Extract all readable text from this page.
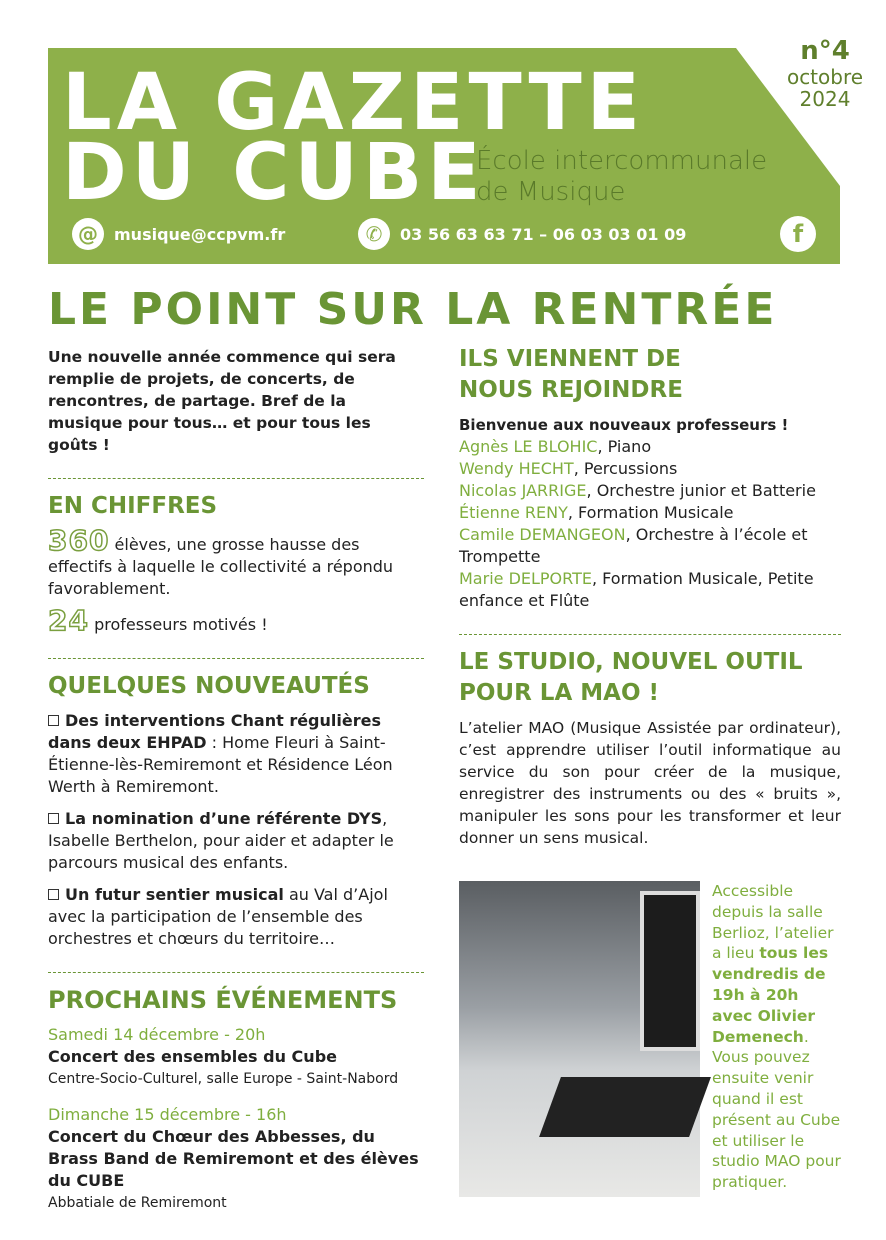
LA GAZETTE
DU CUBE
École intercommunale
de Musique
n°4
octobre
2024
@	musique@ccpvm.fr	✆	03 56 63 63 71 – 06 03 03 01 09	f
LE POINT SUR LA RENTRÉE

Une nouvelle année commence qui sera remplie de projets, de concerts, de rencontres, de partage. Bref de la musique pour tous… et pour tous les goûts !

EN CHIFFRES

360 élèves, une grosse hausse des effectifs à laquelle le collectivité a répondu favorablement.

24 professeurs motivés !

QUELQUES NOUVEAUTÉS

Des interventions Chant régulières dans deux EHPAD : Home Fleuri à Saint-Étienne-lès-Remiremont et Résidence Léon Werth à Remiremont.

La nomination d’une référente DYS, Isabelle Berthelon, pour aider et adapter le parcours musical des enfants.

Un futur sentier musical au Val d’Ajol avec la participation de l’ensemble des orchestres et chœurs du territoire…

PROCHAINS ÉVÉNEMENTS
Samedi 14 décembre - 20h
Concert des ensembles du Cube
Centre-Socio-Culturel, salle Europe - Saint-Nabord
Dimanche 15 décembre - 16h
Concert du Chœur des Abbesses, du Brass Band de Remiremont et des élèves du CUBE
Abbatiale de Remiremont
ILS VIENNENT DE NOUS REJOINDRE
Bienvenue aux nouveaux professeurs !
Agnès LE BLOHIC, Piano
Wendy HECHT, Percussions
Nicolas JARRIGE, Orchestre junior et Batterie
Étienne RENY, Formation Musicale
Camile DEMANGEON, Orchestre à l’école et Trompette
Marie DELPORTE, Formation Musicale, Petite enfance et Flûte
LE STUDIO, NOUVEL OUTIL POUR LA MAO !

L’atelier MAO (Musique Assistée par ordinateur), c’est apprendre utiliser l’outil informatique au service du son pour créer de la musique, enregistrer des instruments ou des « bruits », manipuler les sons pour les transformer et leur donner un sens musical.

Accessible depuis la salle Berlioz, l’atelier a lieu tous les vendredis de 19h à 20h avec Olivier Demenech. Vous pouvez ensuite venir quand il est présent au Cube et utiliser le studio MAO pour pratiquer.
